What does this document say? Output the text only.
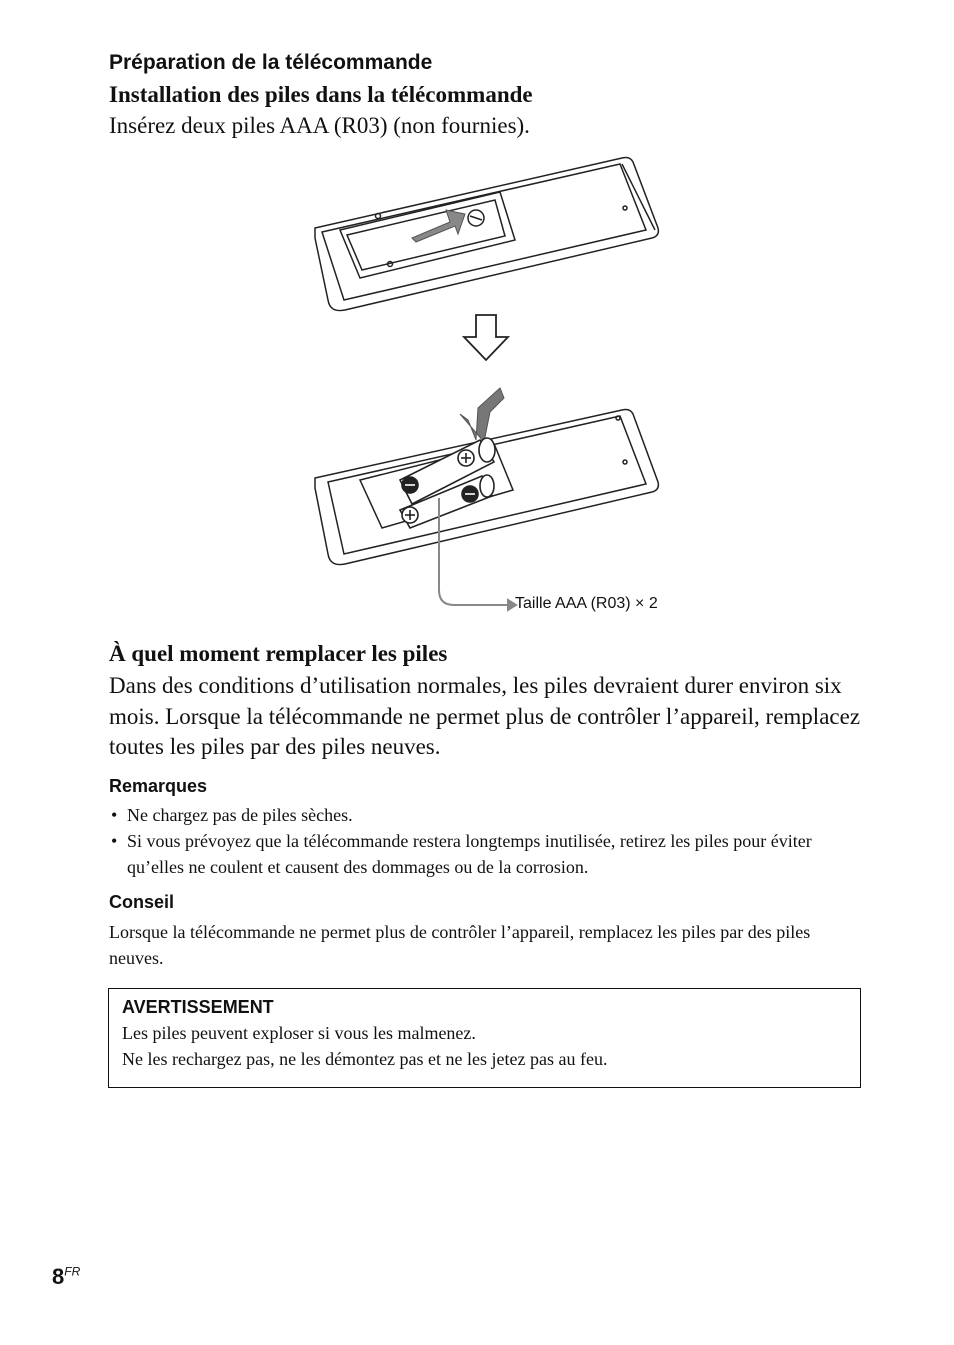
Préparation de la télécommande
Installation des piles dans la télécommande
Insérez deux piles AAA (R03) (non fournies).
Taille AAA (R03) × 2
À quel moment remplacer les piles
Dans des conditions d’utilisation normales, les piles devraient durer environ six mois. Lorsque la télécommande ne permet plus de contrôler l’appareil, remplacez toutes les piles par des piles neuves.
Remarques
• Ne chargez pas de piles sèches.
• Si vous prévoyez que la télécommande restera longtemps inutilisée, retirez les piles pour éviter qu’elles ne coulent et causent des dommages ou de la corrosion.
Conseil
Lorsque la télécommande ne permet plus de contrôler l’appareil, remplacez les piles par des piles neuves.
AVERTISSEMENT
Les piles peuvent exploser si vous les malmenez.
Ne les rechargez pas, ne les démontez pas et ne les jetez pas au feu.
$8^{FR}$
